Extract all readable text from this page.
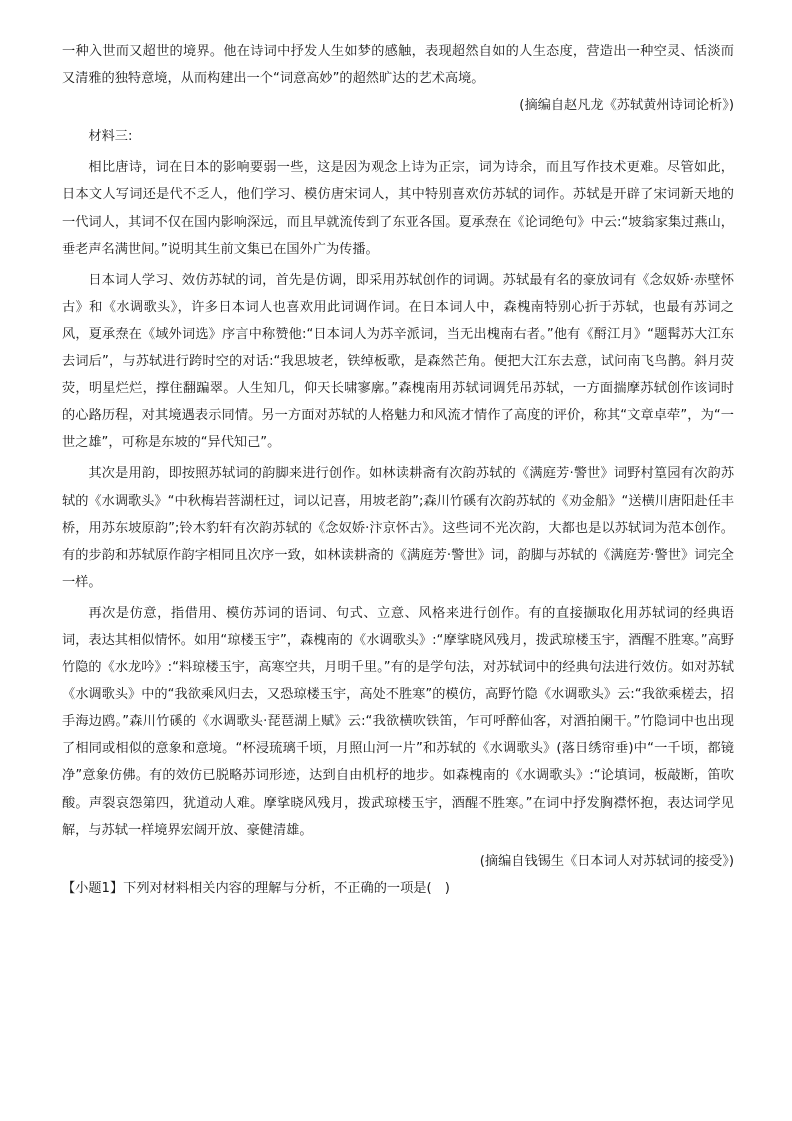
一种入世而又超世的境界。他在诗词中抒发人生如梦的感触，表现超然自如的人生态度，营造出一种空灵、恬淡而又清雅的独特意境，从而构建出一个“词意高妙”的超然旷达的艺术高境。

(摘编自赵凡龙《苏轼黄州诗词论析》)

材料三:

相比唐诗，词在日本的影响要弱一些，这是因为观念上诗为正宗，词为诗余，而且写作技术更难。尽管如此，日本文人写词还是代不乏人，他们学习、模仿唐宋词人，其中特别喜欢仿苏轼的词作。苏轼是开辟了宋词新天地的一代词人，其词不仅在国内影响深远，而且早就流传到了东亚各国。夏承焘在《论词绝句》中云:“坡翁家集过燕山，垂老声名满世间。”说明其生前文集已在国外广为传播。

日本词人学习、效仿苏轼的词，首先是仿调，即采用苏轼创作的词调。苏轼最有名的豪放词有《念奴娇·赤壁怀古》和《水调歌头》，许多日本词人也喜欢用此词调作词。在日本词人中，森槐南特别心折于苏轼，也最有苏词之风，夏承焘在《域外词选》序言中称赞他:“日本词人为苏辛派词，当无出槐南右者。”他有《酹江月》“题髯苏大江东去词后”，与苏轼进行跨时空的对话:“我思坡老，铁绰板歌，是森然芒角。便把大江东去意，试问南飞鸟鹊。斜月荧荧，明星烂烂，撑住翻蹁翠。人生知几，仰天长啸寥廓。”森槐南用苏轼词调凭吊苏轼，一方面揣摩苏轼创作该词时的心路历程，对其境遇表示同情。另一方面对苏轼的人格魅力和风流才情作了高度的评价，称其“文章卓荦”，为“一世之雄”，可称是东坡的“异代知己”。

其次是用韵，即按照苏轼词的韵脚来进行创作。如林读耕斋有次韵苏轼的《满庭芳·警世》词野村篁园有次韵苏轼的《水调歌头》“中秋梅岩菩湖枉过，词以记喜，用坡老韵”;森川竹磎有次韵苏轼的《劝金船》“送横川唐阳赴任丰桥，用苏东坡原韵”;铃木豹轩有次韵苏轼的《念奴娇·汴京怀古》。这些词不光次韵，大都也是以苏轼词为范本创作。有的步韵和苏轼原作韵字相同且次序一致，如林读耕斋的《满庭芳·警世》词，韵脚与苏轼的《满庭芳·警世》词完全一样。

再次是仿意，指借用、模仿苏词的语词、句式、立意、风格来进行创作。有的直接撷取化用苏轼词的经典语词，表达其相似情怀。如用“琼楼玉宇”，森槐南的《水调歌头》:“摩挲晓风残月，拨武琼楼玉宇，酒醒不胜寒。”高野竹隐的《水龙吟》:“料琼楼玉宇，高寒空共，月明千里。”有的是学句法，对苏轼词中的经典句法进行效仿。如对苏轼《水调歌头》中的“我欲乘风归去，又恐琼楼玉宇，高处不胜寒”的模仿，高野竹隐《水调歌头》云:“我欲乘槎去，招手海边鸥。”森川竹磎的《水调歌头·琵琶湖上赋》云:“我欲横吹铁笛，乍可呼醉仙客，对酒拍阑干。”竹隐词中也出现了相同或相似的意象和意境。“杯浸琉璃千顷，月照山河一片”和苏轼的《水调歌头》(落日绣帘垂)中“一千顷，都镜净”意象仿佛。有的效仿已脱略苏词形迹，达到自由机杼的地步。如森槐南的《水调歌头》:“论填词，板敲断，笛吹酸。声裂哀怨第四，犹道动人难。摩挲晓风残月，拨武琼楼玉宇，酒醒不胜寒。”在词中抒发胸襟怀抱，表达词学见解，与苏轼一样境界宏阔开放、豪健清雄。

(摘编自钱锡生《日本词人对苏轼词的接受》)

【小题1】下列对材料相关内容的理解与分析，不正确的一项是(　)
